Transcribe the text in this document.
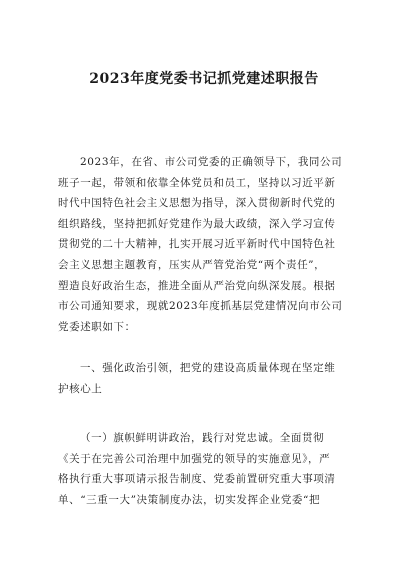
2023年度党委书记抓党建述职报告
2023年，在省、市公司党委的正确领导下，我同公司
班子一起，带领和依靠全体党员和员工，坚持以习近平新
时代中国特色社会主义思想为指导，深入贯彻新时代党的
组织路线，坚持把抓好党建作为最大政绩，深入学习宣传
贯彻党的二十大精神，扎实开展习近平新时代中国特色社
会主义思想主题教育，压实从严管党治党“两个责任”，
塑造良好政治生态，推进全面从严治党向纵深发展。根据
市公司通知要求，现就2023年度抓基层党建情况向市公司
党委述职如下：
一、强化政治引领，把党的建设高质量体现在坚定维
护核心上
（一）旗帜鲜明讲政治，践行对党忠诚。全面贯彻
《关于在完善公司治理中加强党的领导的实施意见》，严
格执行重大事项请示报告制度、党委前置研究重大事项清
单、“三重一大”决策制度办法，切实发挥企业党委“把
